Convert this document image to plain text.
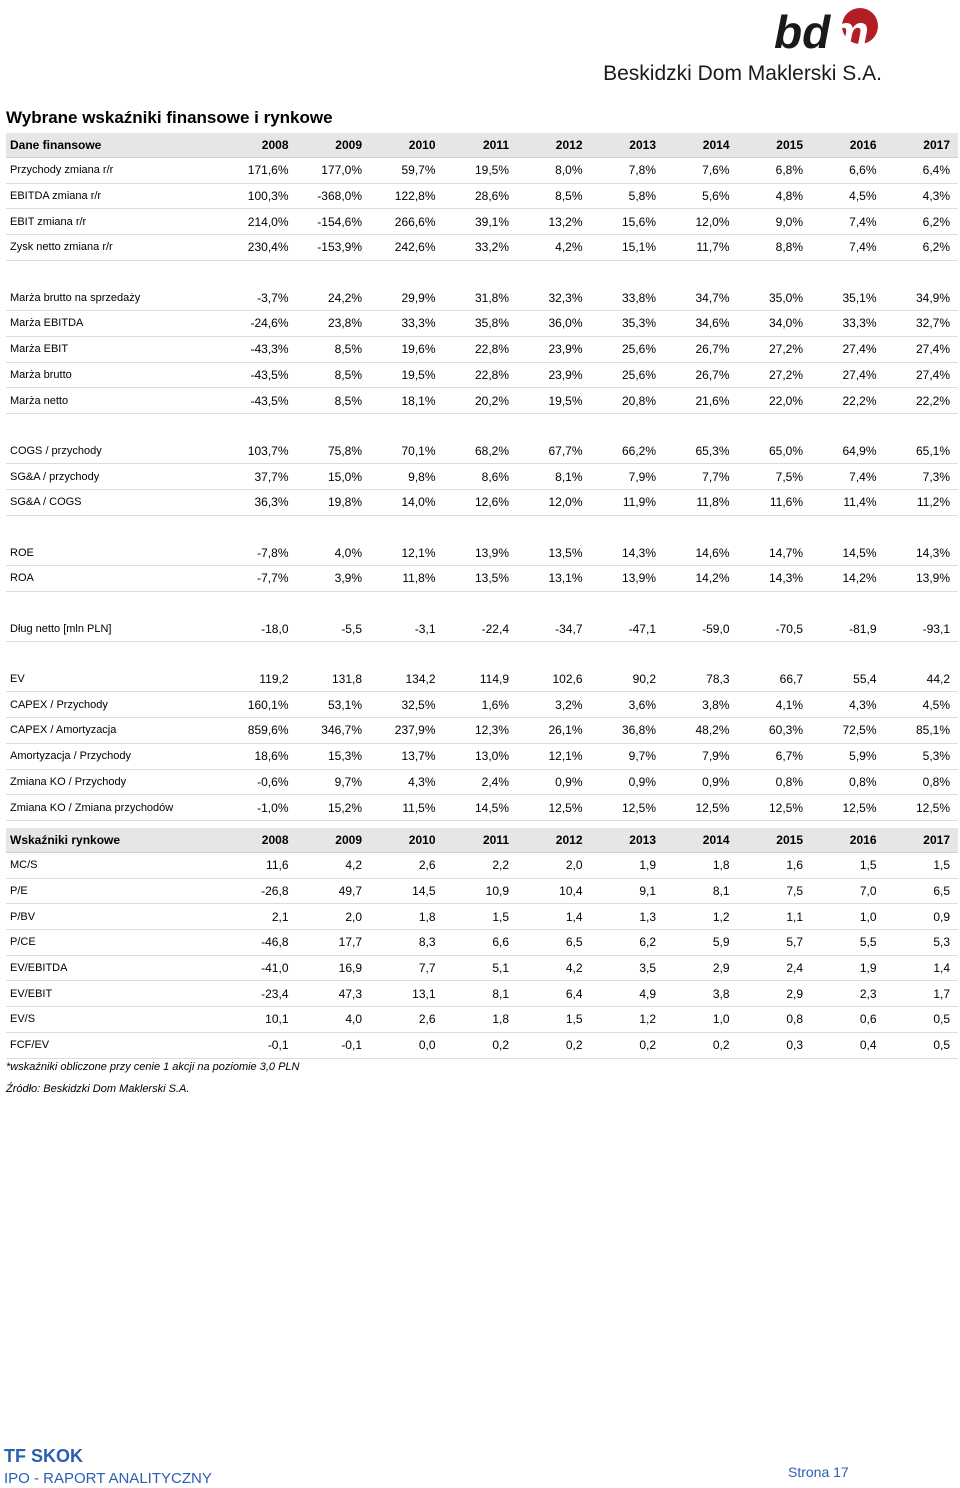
bd
m
Beskidzki Dom Maklerski S.A.
Wybrane wskaźniki finansowe i rynkowe
Dane finansowe	2008	2009	2010	2011	2012	2013	2014	2015	2016	2017
Przychody zmiana r/r	171,6%	177,0%	59,7%	19,5%	8,0%	7,8%	7,6%	6,8%	6,6%	6,4%
EBITDA zmiana r/r	100,3%	-368,0%	122,8%	28,6%	8,5%	5,8%	5,6%	4,8%	4,5%	4,3%
EBIT zmiana r/r	214,0%	-154,6%	266,6%	39,1%	13,2%	15,6%	12,0%	9,0%	7,4%	6,2%
Zysk netto zmiana r/r	230,4%	-153,9%	242,6%	33,2%	4,2%	15,1%	11,7%	8,8%	7,4%	6,2%

Marża brutto na sprzedaży	-3,7%	24,2%	29,9%	31,8%	32,3%	33,8%	34,7%	35,0%	35,1%	34,9%
Marża EBITDA	-24,6%	23,8%	33,3%	35,8%	36,0%	35,3%	34,6%	34,0%	33,3%	32,7%
Marża EBIT	-43,3%	8,5%	19,6%	22,8%	23,9%	25,6%	26,7%	27,2%	27,4%	27,4%
Marża brutto	-43,5%	8,5%	19,5%	22,8%	23,9%	25,6%	26,7%	27,2%	27,4%	27,4%
Marża netto	-43,5%	8,5%	18,1%	20,2%	19,5%	20,8%	21,6%	22,0%	22,2%	22,2%

COGS / przychody	103,7%	75,8%	70,1%	68,2%	67,7%	66,2%	65,3%	65,0%	64,9%	65,1%
SG&A / przychody	37,7%	15,0%	9,8%	8,6%	8,1%	7,9%	7,7%	7,5%	7,4%	7,3%
SG&A / COGS	36,3%	19,8%	14,0%	12,6%	12,0%	11,9%	11,8%	11,6%	11,4%	11,2%

ROE	-7,8%	4,0%	12,1%	13,9%	13,5%	14,3%	14,6%	14,7%	14,5%	14,3%
ROA	-7,7%	3,9%	11,8%	13,5%	13,1%	13,9%	14,2%	14,3%	14,2%	13,9%

Dług netto [mln PLN]	-18,0	-5,5	-3,1	-22,4	-34,7	-47,1	-59,0	-70,5	-81,9	-93,1

EV	119,2	131,8	134,2	114,9	102,6	90,2	78,3	66,7	55,4	44,2
CAPEX / Przychody	160,1%	53,1%	32,5%	1,6%	3,2%	3,6%	3,8%	4,1%	4,3%	4,5%
CAPEX / Amortyzacja	859,6%	346,7%	237,9%	12,3%	26,1%	36,8%	48,2%	60,3%	72,5%	85,1%
Amortyzacja / Przychody	18,6%	15,3%	13,7%	13,0%	12,1%	9,7%	7,9%	6,7%	5,9%	5,3%
Zmiana KO / Przychody	-0,6%	9,7%	4,3%	2,4%	0,9%	0,9%	0,9%	0,8%	0,8%	0,8%
Zmiana KO / Zmiana przychodów	-1,0%	15,2%	11,5%	14,5%	12,5%	12,5%	12,5%	12,5%	12,5%	12,5%
Wskaźniki rynkowe	2008	2009	2010	2011	2012	2013	2014	2015	2016	2017
MC/S	11,6	4,2	2,6	2,2	2,0	1,9	1,8	1,6	1,5	1,5
P/E	-26,8	49,7	14,5	10,9	10,4	9,1	8,1	7,5	7,0	6,5
P/BV	2,1	2,0	1,8	1,5	1,4	1,3	1,2	1,1	1,0	0,9
P/CE	-46,8	17,7	8,3	6,6	6,5	6,2	5,9	5,7	5,5	5,3
EV/EBITDA	-41,0	16,9	7,7	5,1	4,2	3,5	2,9	2,4	1,9	1,4
EV/EBIT	-23,4	47,3	13,1	8,1	6,4	4,9	3,8	2,9	2,3	1,7
EV/S	10,1	4,0	2,6	1,8	1,5	1,2	1,0	0,8	0,6	0,5
FCF/EV	-0,1	-0,1	0,0	0,2	0,2	0,2	0,2	0,3	0,4	0,5
*wskaźniki obliczone przy cenie 1 akcji na poziomie 3,0 PLN
Źródło: Beskidzki Dom Maklerski S.A.
TF SKOK
IPO - RAPORT ANALITYCZNY	Strona 17
